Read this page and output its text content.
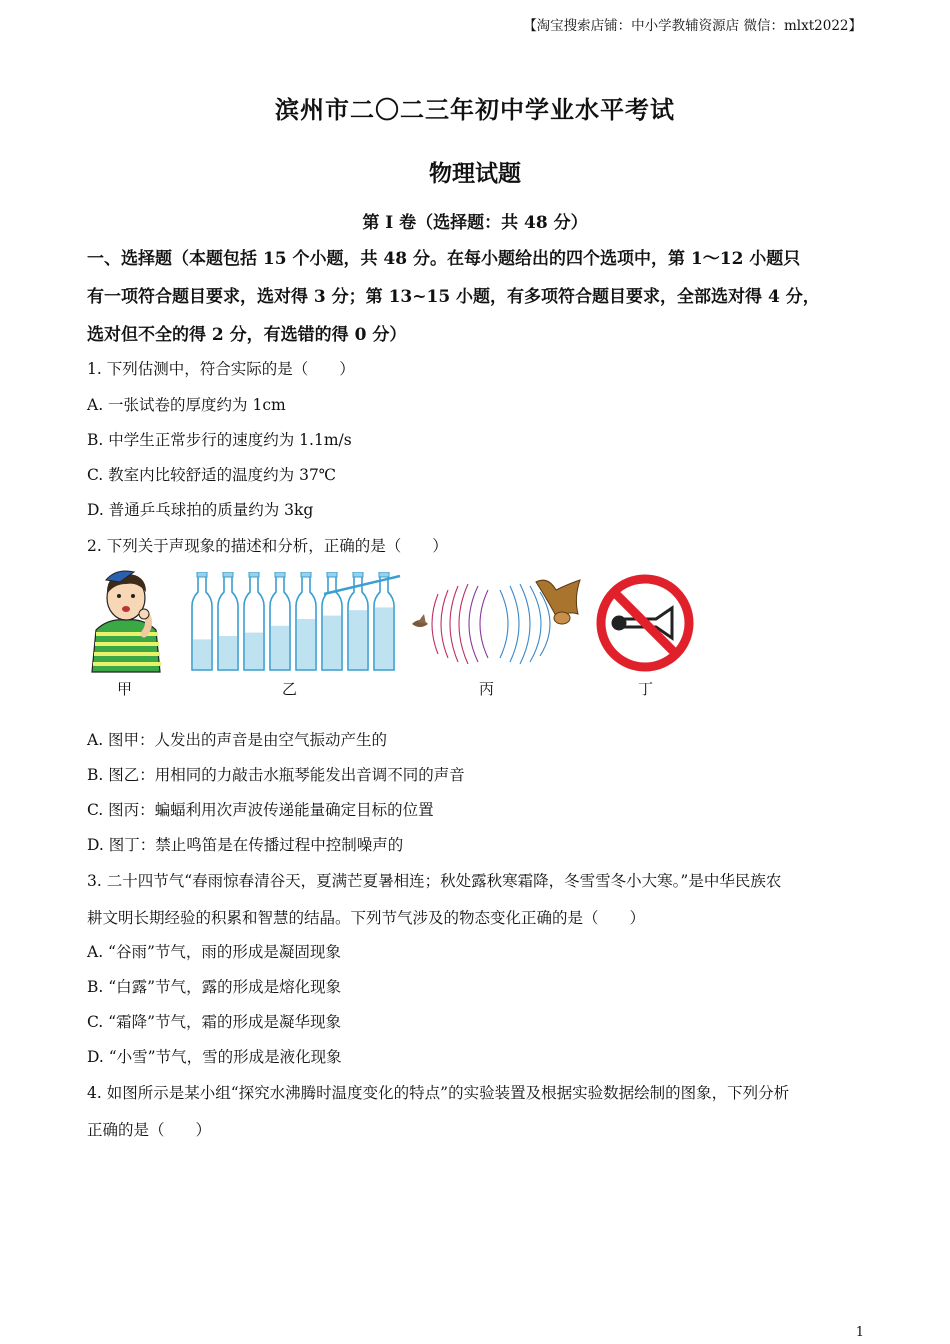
【淘宝搜索店铺：中小学教辅资源店 微信：mlxt2022】
滨州市二〇二三年初中学业水平考试
物理试题
第 I 卷（选择题：共 48 分）
一、选择题（本题包括 15 个小题，共 48 分。在每小题给出的四个选项中，第 1～12 小题只
有一项符合题目要求，选对得 3 分；第 13~15 小题，有多项符合题目要求，全部选对得 4 分，
选对但不全的得 2 分，有选错的得 0 分）
1. 下列估测中，符合实际的是（　　）
A. 一张试卷的厚度约为 1cm
B. 中学生正常步行的速度约为 1.1m/s
C. 教室内比较舒适的温度约为 37℃
D. 普通乒乓球拍的质量约为 3kg
2. 下列关于声现象的描述和分析，正确的是（　　）
甲	乙	丙	丁
A. 图甲：人发出的声音是由空气振动产生的
B. 图乙：用相同的力敲击水瓶琴能发出音调不同的声音
C. 图丙：蝙蝠利用次声波传递能量确定目标的位置
D. 图丁：禁止鸣笛是在传播过程中控制噪声的
3. 二十四节气“春雨惊春清谷天，夏满芒夏暑相连；秋处露秋寒霜降，冬雪雪冬小大寒。”是中华民族农
耕文明长期经验的积累和智慧的结晶。下列节气涉及的物态变化正确的是（　　）
A. “谷雨”节气，雨的形成是凝固现象
B. “白露”节气，露的形成是熔化现象
C. “霜降”节气，霜的形成是凝华现象
D. “小雪”节气，雪的形成是液化现象
4. 如图所示是某小组“探究水沸腾时温度变化的特点”的实验装置及根据实验数据绘制的图象，下列分析
正确的是（　　）
1
